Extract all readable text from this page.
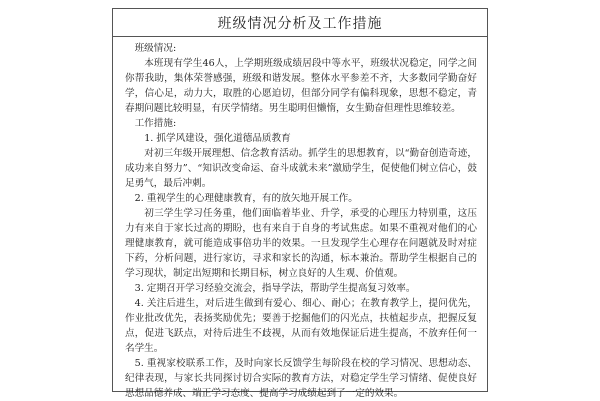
班级情况分析及工作措施

班级情况:

本班现有学生46人，上学期班级成绩居段中等水平，班级状况稳定，同学之间你帮我助，集体荣誉感强，班级和谐发展。整体水平参差不齐，大多数同学勤奋好学，信心足，动力大，取胜的心愿迫切，但部分同学有偏科现象，思想不稳定，青春期问题比较明显，有厌学情绪。男生聪明但懒惰，女生勤奋但理性思维较差。

工作措施:

1. 抓学风建设，强化道德品质教育

对初三年级开展理想、信念教育活动。抓学生的思想教育，以“勤奋创造奇迹，成功来自努力”、“知识改变命运、奋斗成就未来”激励学生，促使他们树立信心，鼓足勇气，最后冲刺。

2. 重视学生的心理健康教育，有的放矢地开展工作。

初三学生学习任务重，他们面临着毕业、升学，承受的心理压力特别重，这压力有来自于家长过高的期盼，也有来自于自身的考试焦虑。如果不重视对他们的心理健康教育，就可能造成事倍功半的效果。一旦发现学生心理存在问题就及时对症下药，分析问题，进行家访，寻求和家长的沟通，标本兼治。帮助学生根据自己的学习现状，制定出短期和长期目标，树立良好的人生观、价值观。

3. 定期召开学习经验交流会，指导学法，帮助学生提高复习效率。

4. 关注后进生，对后进生做到有爱心、细心、耐心；在教育教学上，提问优先，作业批改优先，表扬奖励优先；要善于挖掘他们的闪光点，扶植起步点，把握反复点，促进飞跃点，对待后进生不歧视，从而有效地保证后进生提高，不放弃任何一名学生。

5. 重视家校联系工作，及时向家长反馈学生每阶段在校的学习情况、思想动态、纪律表现，与家长共同探讨切合实际的教育方法，对稳定学生学习情绪、促使良好思想品德养成、端正学习态度、提高学习成绩起到了一定的效果。
